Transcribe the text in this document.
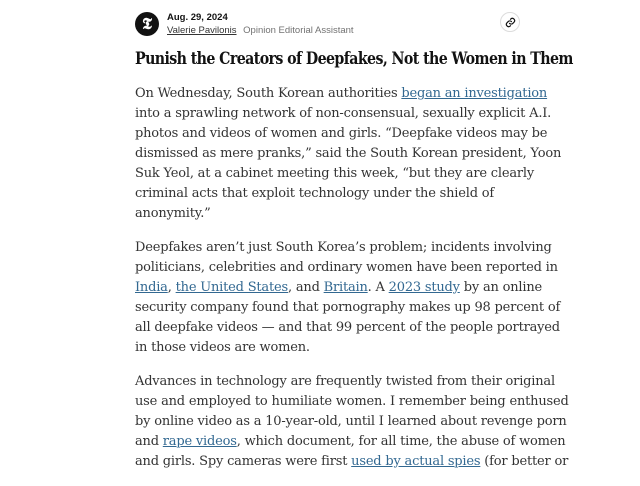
𝕿	Aug. 29, 2024
Valerie Pavilonis Opinion Editorial Assistant
Punish the Creators of Deepfakes, Not the Women in Them

On Wednesday, South Korean authorities began an investigation
into a sprawling network of non-consensual, sexually explicit A.I.
photos and videos of women and girls. “Deepfake videos may be
dismissed as mere pranks,” said the South Korean president, Yoon
Suk Yeol, at a cabinet meeting this week, “but they are clearly
criminal acts that exploit technology under the shield of
anonymity.”

Deepfakes aren’t just South Korea’s problem; incidents involving
politicians, celebrities and ordinary women have been reported in
India, the United States, and Britain. A 2023 study by an online
security company found that pornography makes up 98 percent of
all deepfake videos — and that 99 percent of the people portrayed
in those videos are women.

Advances in technology are frequently twisted from their original
use and employed to humiliate women. I remember being enthused
by online video as a 10-year-old, until I learned about revenge porn
and rape videos, which document, for all time, the abuse of women
and girls. Spy cameras were first used by actual spies (for better or
